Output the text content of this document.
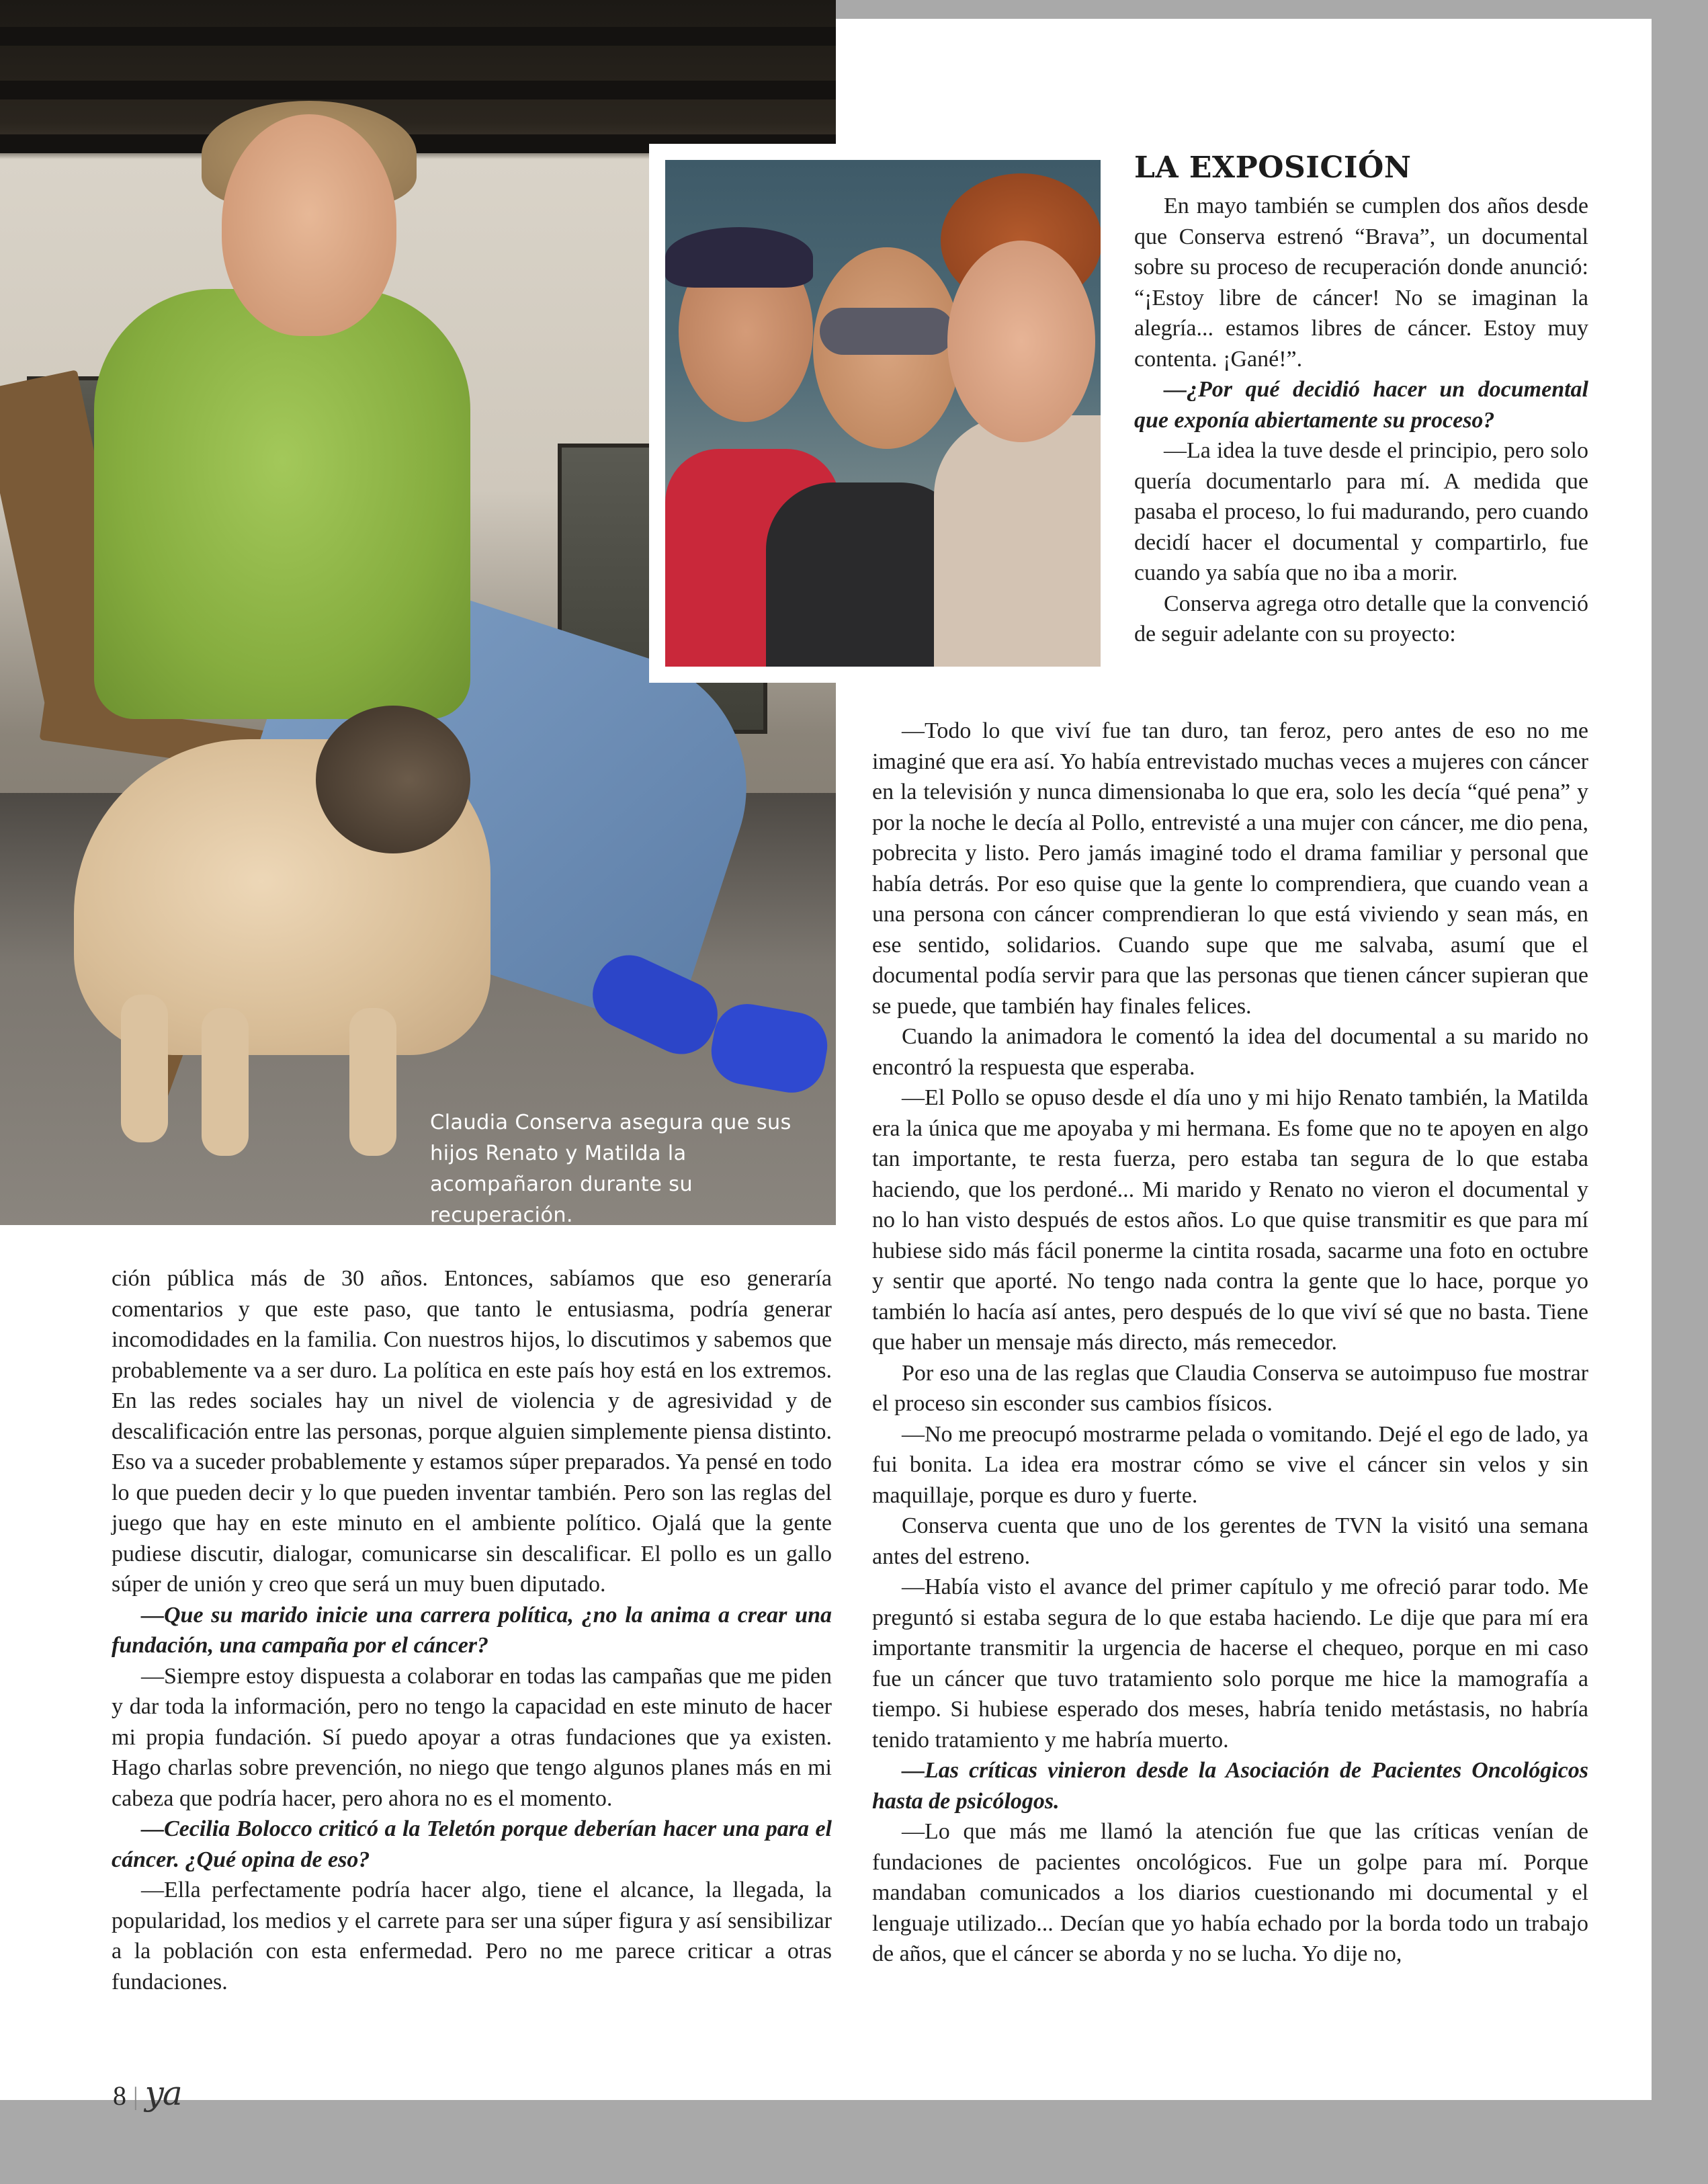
Claudia Conserva asegura que sus hijos Renato y Matilda la acompañaron durante su recuperación.
LA EXPOSICIÓN

En mayo también se cumplen dos años desde que Conserva estrenó “Brava”, un documental sobre su proceso de recuperación donde anunció: “¡Estoy libre de cáncer! No se imaginan la alegría... estamos libres de cáncer. Estoy muy contenta. ¡Gané!”.

—¿Por qué decidió hacer un documental que exponía abiertamente su proceso?

—La idea la tuve desde el principio, pero solo quería documentarlo para mí. A medida que pasaba el proceso, lo fui madurando, pero cuando decidí hacer el documental y compartirlo, fue cuando ya sabía que no iba a morir.

Conserva agrega otro detalle que la convenció de seguir adelante con su proyecto:

—Todo lo que viví fue tan duro, tan feroz, pero antes de eso no me imaginé que era así. Yo había entrevistado muchas veces a mujeres con cáncer en la televisión y nunca dimensionaba lo que era, solo les decía “qué pena” y por la noche le decía al Pollo, entrevisté a una mujer con cáncer, me dio pena, pobrecita y listo. Pero jamás imaginé todo el drama familiar y personal que había detrás. Por eso quise que la gente lo comprendiera, que cuando vean a una persona con cáncer comprendieran lo que está viviendo y sean más, en ese sentido, solidarios. Cuando supe que me salvaba, asumí que el documental podía servir para que las personas que tienen cáncer supieran que se puede, que también hay finales felices.

Cuando la animadora le comentó la idea del documental a su marido no encontró la respuesta que esperaba.

—El Pollo se opuso desde el día uno y mi hijo Renato también, la Matilda era la única que me apoyaba y mi hermana. Es fome que no te apoyen en algo tan importante, te resta fuerza, pero estaba tan segura de lo que estaba haciendo, que los perdoné... Mi marido y Renato no vieron el documental y no lo han visto después de estos años. Lo que quise transmitir es que para mí hubiese sido más fácil ponerme la cintita rosada, sacarme una foto en octubre y sentir que aporté. No tengo nada contra la gente que lo hace, porque yo también lo hacía así antes, pero después de lo que viví sé que no basta. Tiene que haber un mensaje más directo, más remecedor.

Por eso una de las reglas que Claudia Conserva se autoimpuso fue mostrar el proceso sin esconder sus cambios físicos.

—No me preocupó mostrarme pelada o vomitando. Dejé el ego de lado, ya fui bonita. La idea era mostrar cómo se vive el cáncer sin velos y sin maquillaje, porque es duro y fuerte.

Conserva cuenta que uno de los gerentes de TVN la visitó una semana antes del estreno.

—Había visto el avance del primer capítulo y me ofreció parar todo. Me preguntó si estaba segura de lo que estaba haciendo. Le dije que para mí era importante transmitir la urgencia de hacerse el chequeo, porque en mi caso fue un cáncer que tuvo tratamiento solo porque me hice la mamografía a tiempo. Si hubiese esperado dos meses, habría tenido metástasis, no habría tenido tratamiento y me habría muerto.

—Las críticas vinieron desde la Asociación de Pacientes Oncológicos hasta de psicólogos.

—Lo que más me llamó la atención fue que las críticas venían de fundaciones de pacientes oncológicos. Fue un golpe para mí. Porque mandaban comunicados a los diarios cuestionando mi documental y el lenguaje utilizado... Decían que yo había echado por la borda todo un trabajo de años, que el cáncer se aborda y no se lucha. Yo dije no,

ción pública más de 30 años. Entonces, sabíamos que eso generaría comentarios y que este paso, que tanto le entusiasma, podría generar incomodidades en la familia. Con nuestros hijos, lo discutimos y sabemos que probablemente va a ser duro. La política en este país hoy está en los extremos. En las redes sociales hay un nivel de violencia y de agresividad y de descalificación entre las personas, porque alguien simplemente piensa distinto. Eso va a suceder probablemente y estamos súper preparados. Ya pensé en todo lo que pueden decir y lo que pueden inventar también. Pero son las reglas del juego que hay en este minuto en el ambiente político. Ojalá que la gente pudiese discutir, dialogar, comunicarse sin descalificar. El pollo es un gallo súper de unión y creo que será un muy buen diputado.

—Que su marido inicie una carrera política, ¿no la anima a crear una fundación, una campaña por el cáncer?

—Siempre estoy dispuesta a colaborar en todas las campañas que me piden y dar toda la información, pero no tengo la capacidad en este minuto de hacer mi propia fundación. Sí puedo apoyar a otras fundaciones que ya existen. Hago charlas sobre prevención, no niego que tengo algunos planes más en mi cabeza que podría hacer, pero ahora no es el momento.

—Cecilia Bolocco criticó a la Teletón porque deberían hacer una para el cáncer. ¿Qué opina de eso?

—Ella perfectamente podría hacer algo, tiene el alcance, la llegada, la popularidad, los medios y el carrete para ser una súper figura y así sensibilizar a la población con esta enfermedad. Pero no me parece criticar a otras fundaciones.

8 | ya
